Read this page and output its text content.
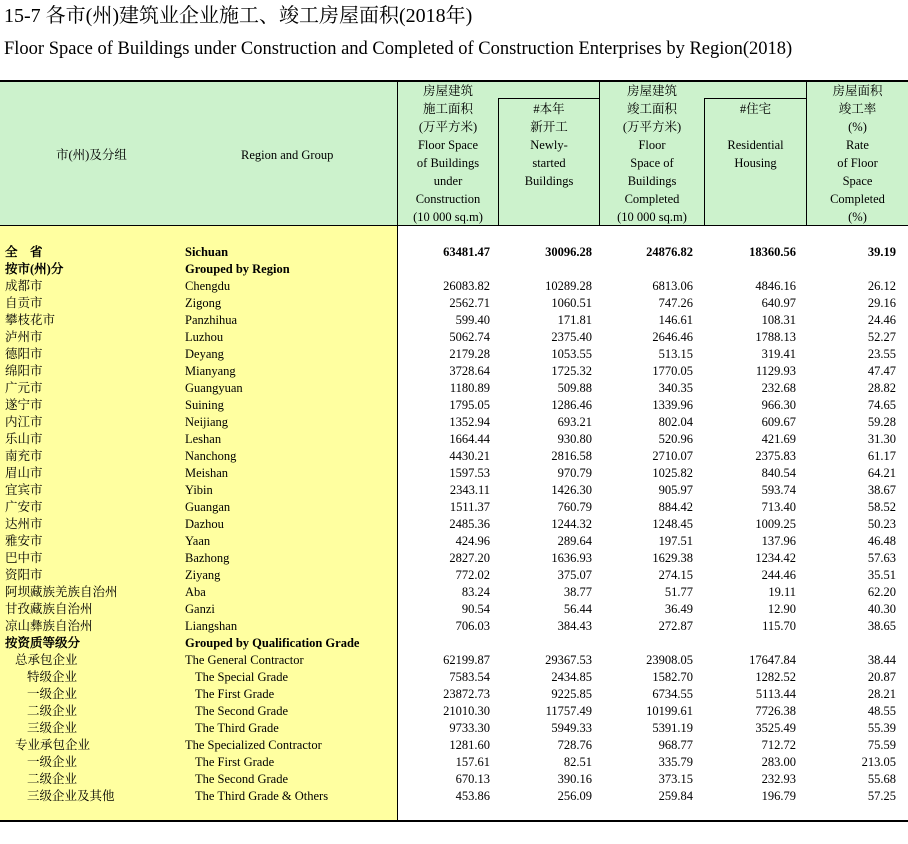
15-7 各市(州)建筑业企业施工、竣工房屋面积(2018年)
Floor Space of Buildings under Construction and Completed of Construction Enterprises by Region(2018)
市(州)及分组	Region and Group
房屋建筑
施工面积
(万平方米)
Floor Space
of Buildings
under
Construction
(10 000 sq.m)
#本年
新开工
Newly-
started
Buildings
房屋建筑
竣工面积
(万平方米)
Floor
Space of
Buildings
Completed
(10 000 sq.m)
#住宅

Residential
Housing
房屋面积
竣工率
(%)
Rate
of Floor
Space
Completed
(%)
全　省	Sichuan	63481.47	30096.28	24876.82	18360.56	39.19
按市(州)分	Grouped by Region
成都市	Chengdu	26083.82	10289.28	6813.06	4846.16	26.12
自贡市	Zigong	2562.71	1060.51	747.26	640.97	29.16
攀枝花市	Panzhihua	599.40	171.81	146.61	108.31	24.46
泸州市	Luzhou	5062.74	2375.40	2646.46	1788.13	52.27
德阳市	Deyang	2179.28	1053.55	513.15	319.41	23.55
绵阳市	Mianyang	3728.64	1725.32	1770.05	1129.93	47.47
广元市	Guangyuan	1180.89	509.88	340.35	232.68	28.82
遂宁市	Suining	1795.05	1286.46	1339.96	966.30	74.65
内江市	Neijiang	1352.94	693.21	802.04	609.67	59.28
乐山市	Leshan	1664.44	930.80	520.96	421.69	31.30
南充市	Nanchong	4430.21	2816.58	2710.07	2375.83	61.17
眉山市	Meishan	1597.53	970.79	1025.82	840.54	64.21
宜宾市	Yibin	2343.11	1426.30	905.97	593.74	38.67
广安市	Guangan	1511.37	760.79	884.42	713.40	58.52
达州市	Dazhou	2485.36	1244.32	1248.45	1009.25	50.23
雅安市	Yaan	424.96	289.64	197.51	137.96	46.48
巴中市	Bazhong	2827.20	1636.93	1629.38	1234.42	57.63
资阳市	Ziyang	772.02	375.07	274.15	244.46	35.51
阿坝藏族羌族自治州	Aba	83.24	38.77	51.77	19.11	62.20
甘孜藏族自治州	Ganzi	90.54	56.44	36.49	12.90	40.30
凉山彝族自治州	Liangshan	706.03	384.43	272.87	115.70	38.65
按资质等级分	Grouped by Qualification Grade
总承包企业	The General Contractor	62199.87	29367.53	23908.05	17647.84	38.44
特级企业	The Special Grade	7583.54	2434.85	1582.70	1282.52	20.87
一级企业	The First Grade	23872.73	9225.85	6734.55	5113.44	28.21
二级企业	The Second Grade	21010.30	11757.49	10199.61	7726.38	48.55
三级企业	The Third Grade	9733.30	5949.33	5391.19	3525.49	55.39
专业承包企业	The Specialized Contractor	1281.60	728.76	968.77	712.72	75.59
一级企业	The First Grade	157.61	82.51	335.79	283.00	213.05
二级企业	The Second Grade	670.13	390.16	373.15	232.93	55.68
三级企业及其他	The Third Grade & Others	453.86	256.09	259.84	196.79	57.25
